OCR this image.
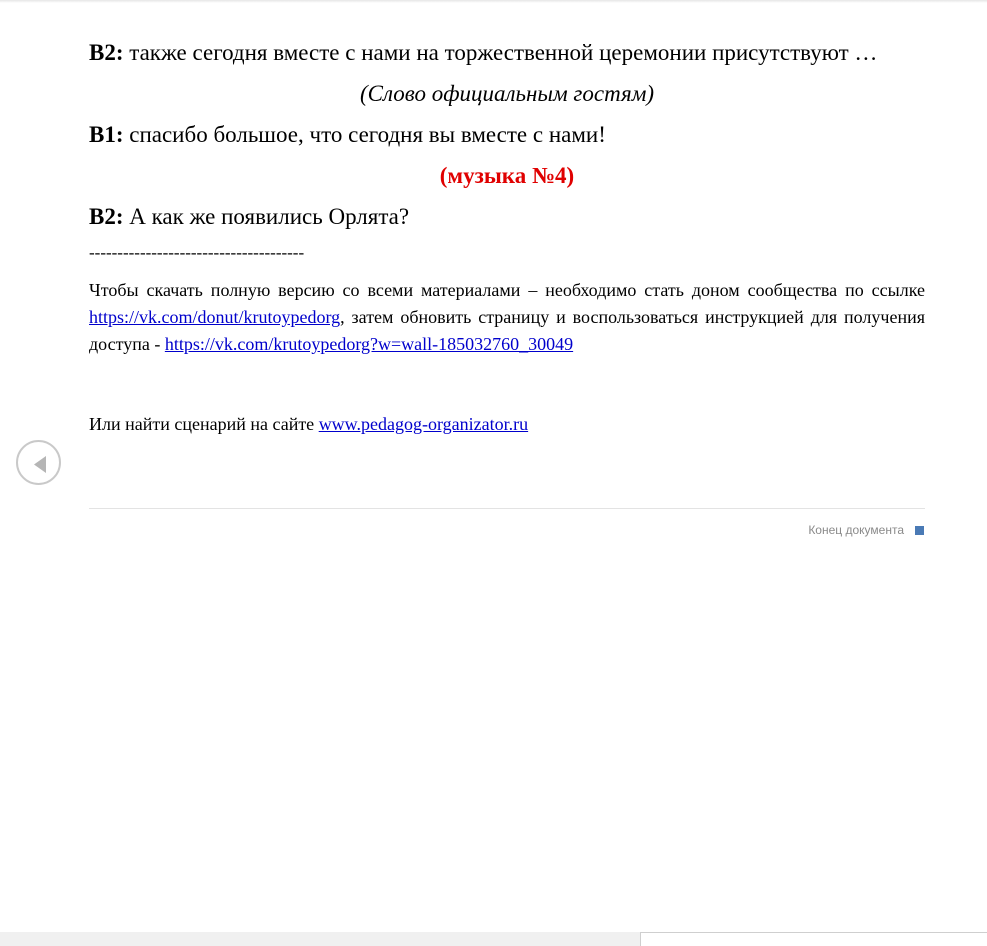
В2: также сегодня вместе с нами на торжественной церемонии присутствуют …
(Слово официальным гостям)
В1: спасибо большое, что сегодня вы вместе с нами!
(музыка №4)
В2: А как же появились Орлята?
--------------------------------------

Чтобы скачать полную версию со всеми материалами – необходимо стать доном сообщества по ссылке https://vk.com/donut/krutoypedorg, затем обновить страницу и воспользоваться инструкцией для получения доступа - https://vk.com/krutoypedorg?w=wall-185032760_30049

Или найти сценарий на сайте www.pedagog-organizator.ru

Конец документа
